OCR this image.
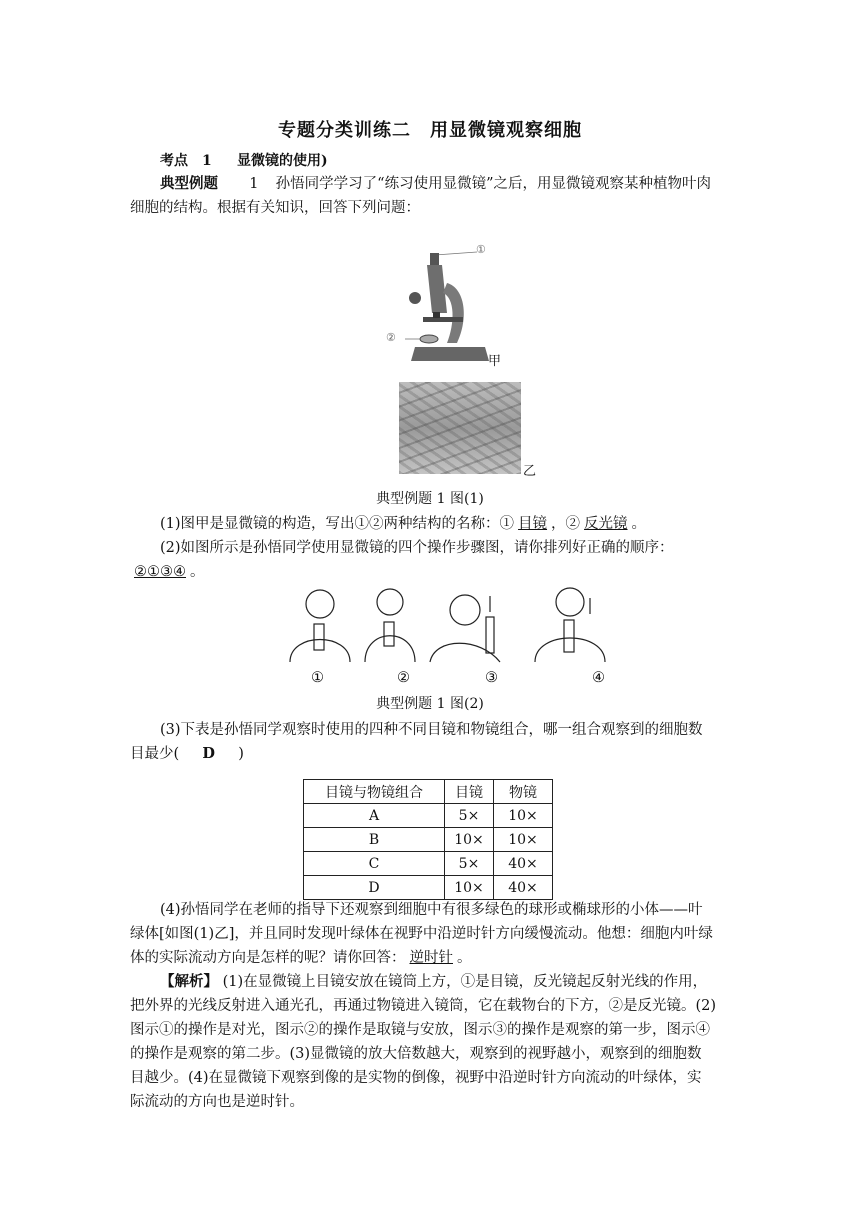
专题分类训练二　用显微镜观察细胞
考点　1 显微镜的使用)
典型例题 1 孙悟同学学习了“练习使用显微镜”之后，用显微镜观察某种植物叶肉
细胞的结构。根据有关知识，回答下列问题：
①
②
甲
乙
典型例题 1 图(1)
(1)图甲是显微镜的构造，写出①②两种结构的名称：① 目镜 ，② 反光镜 。
(2)如图所示是孙悟同学使用显微镜的四个操作步骤图，请你排列好正确的顺序：
②①③④ 。
①	②	③	④
典型例题 1 图(2)
(3)下表是孙悟同学观察时使用的四种不同目镜和物镜组合，哪一组合观察到的细胞数
目最少( D )
目镜与物镜组合	目镜	物镜
A	5×	10×
B	10×	10×
C	5×	40×
D	10×	40×
(4)孙悟同学在老师的指导下还观察到细胞中有很多绿色的球形或椭球形的小体——叶
绿体[如图(1)乙]，并且同时发现叶绿体在视野中沿逆时针方向缓慢流动。他想：细胞内叶绿
体的实际流动方向是怎样的呢？请你回答： 逆时针 。
【解析】 (1)在显微镜上目镜安放在镜筒上方，①是目镜，反光镜起反射光线的作用，
把外界的光线反射进入通光孔，再通过物镜进入镜筒，它在载物台的下方，②是反光镜。(2)
图示①的操作是对光，图示②的操作是取镜与安放，图示③的操作是观察的第一步，图示④
的操作是观察的第二步。(3)显微镜的放大倍数越大，观察到的视野越小，观察到的细胞数
目越少。(4)在显微镜下观察到像的是实物的倒像，视野中沿逆时针方向流动的叶绿体，实
际流动的方向也是逆时针。
